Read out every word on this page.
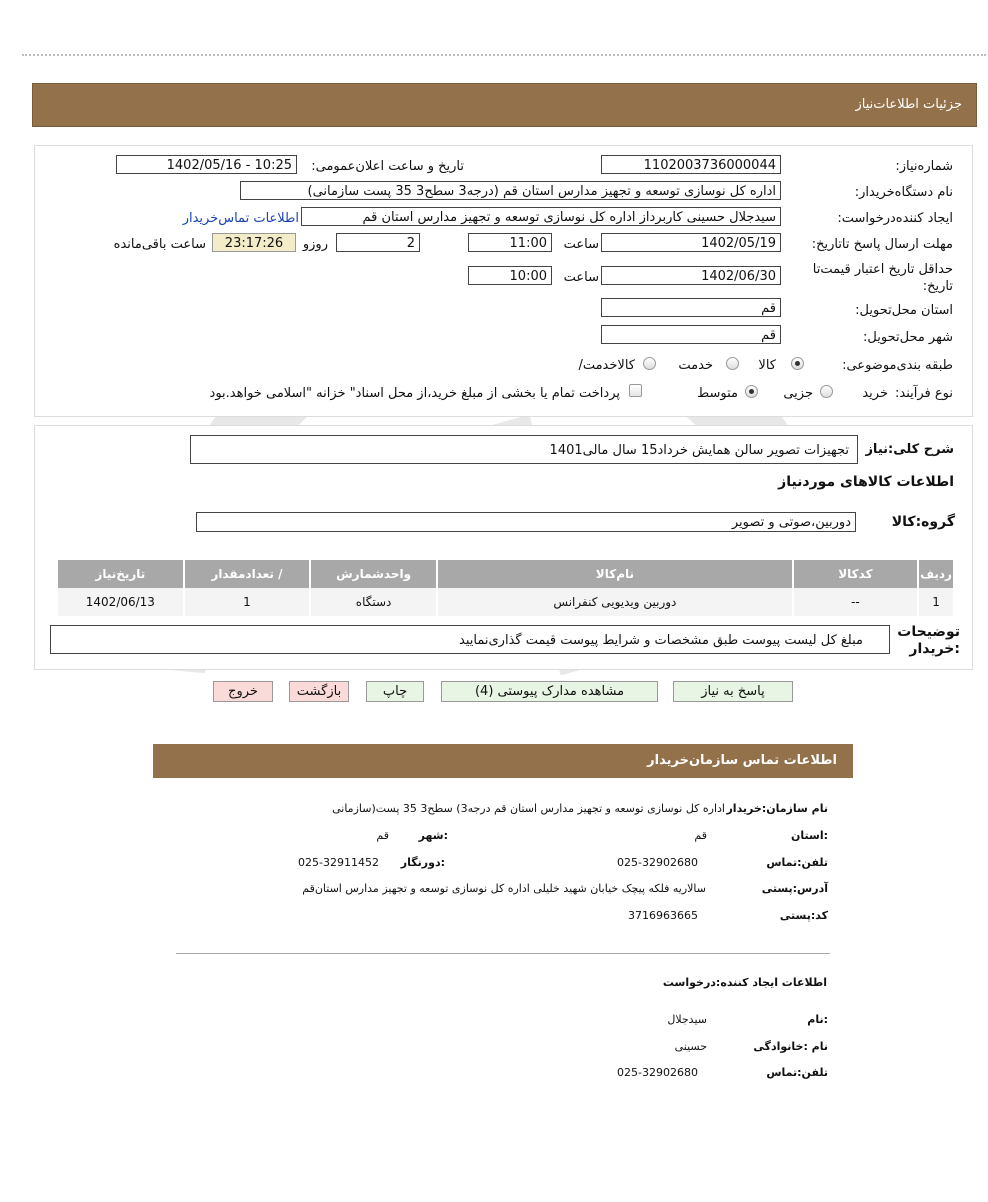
جزئیات اطلاعات‌نیاز
شماره‌نیاز:
1102003736000044
تاریخ و ساعت اعلان‌عمومی:
1402/05/16 - 10:25
نام دستگاه‌خریدار:
اداره کل نوسازی توسعه و تجهیز مدارس استان قم (درجه3 سطح3 35 پست سازمانی)
ایجاد کننده‌درخواست:
سیدجلال حسینی کاربرداز اداره کل نوسازی توسعه و تجهیز مدارس استان قم
اطلاعات تماس‌خریدار
مهلت ارسال پاسخ تا‌تاریخ:
1402/05/19
ساعت
11:00
2
روزو
23:17:26
ساعت باقی‌مانده
حداقل تاریخ اعتبار قیمت‌تا تاریخ:
1402/06/30
ساعت
10:00
استان محل‌تحویل:
قم
شهر محل‌تحویل:
قم
طبقه بندی‌موضوعی:
کالا
خدمت
کالا‌خدمت/
نوع فرآیند:
خرید
جزیی
متوسط
پرداخت تمام یا بخشی از مبلغ خرید،از محل اسناد" خزانه "اسلامی خواهد.بود
شرح کلی:نیاز
تجهیزات تصویر سالن همایش خرداد15 سال مالی1401
اطلاعات کالاهای موردنیاز
گروه:کالا
دوربین،صوتی و تصویر
ردیف	کدکالا	نام‌کالا	واحدشمارش	/ تعدادمقدار	تاریخ‌نیاز
1	--	دوربین ویدیویی کنفرانس	دستگاه	1	1402/06/13
توضیحات :خریدار
مبلغ کل لیست پیوست طبق مشخصات و شرایط پیوست قیمت گذاری‌نمایید
پاسخ به نیاز
مشاهده مدارک پیوستی (4)
چاپ
بازگشت
خروج
اطلاعات تماس سازمان‌خریدار
نام سازمان:خریدار
اداره کل نوسازی توسعه و تجهیز مدارس استان قم درجه3) سطح3 35 پست(سازمانی
:استان
قم
:شهر
قم
تلفن:تماس
025-32902680
:دورنگار
025-32911452
آدرس:پستی
سالاریه فلکه پیچک خیابان شهید خلیلی اداره کل نوسازی توسعه و تجهیز مدارس استان‌قم
کد:پستی
3716963665
اطلاعات ایجاد کننده:درخواست
:نام
سیدجلال
نام :خانوادگی
حسینی
تلفن:تماس
025-32902680
